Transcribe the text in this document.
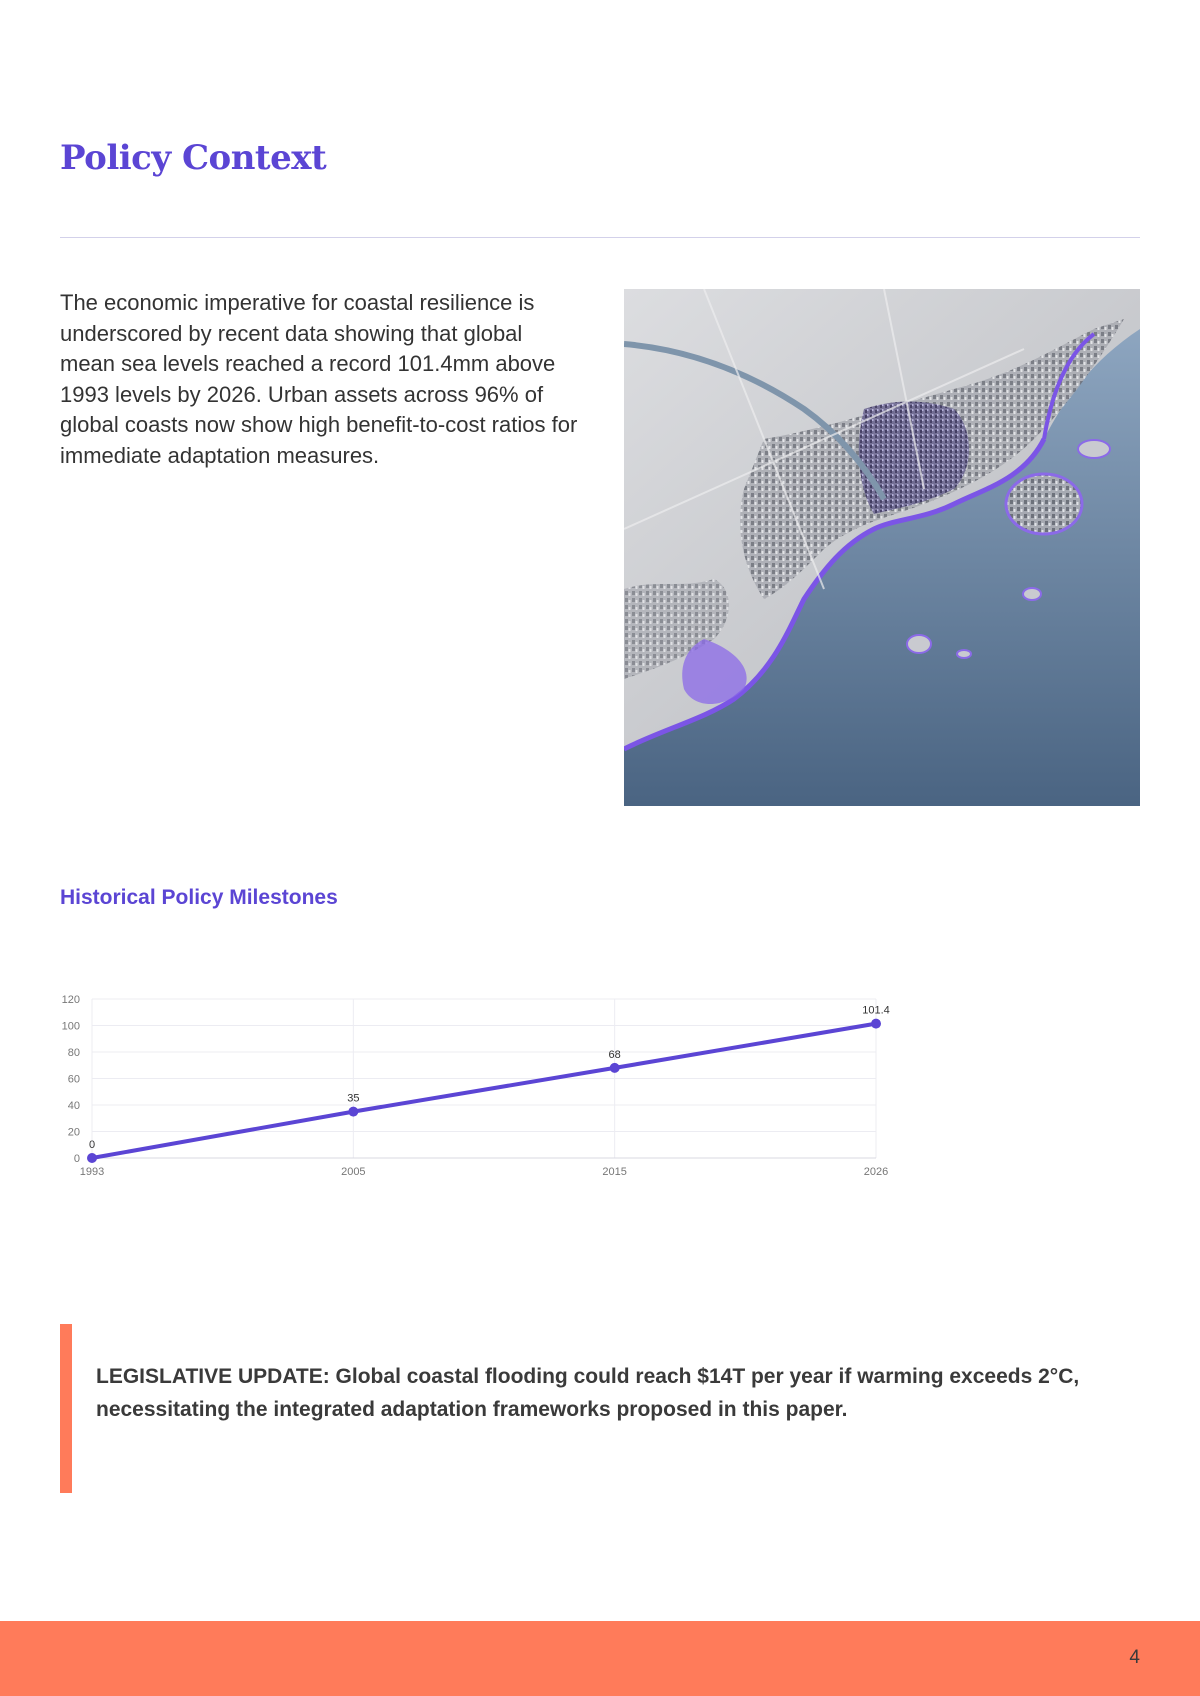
Policy Context

The economic imperative for coastal resilience is underscored by recent data showing that global mean sea levels reached a record 101.4mm above 1993 levels by 2026. Urban assets across 96% of global coasts now show high benefit-to-cost ratios for immediate adaptation measures.

Historical Policy Milestones
0
20
40
60
80
100
120
1993	2005	2015	2026
0
35
68
101.4

LEGISLATIVE UPDATE: Global coastal flooding could reach $14T per year if warming exceeds 2°C, necessitating the integrated adaptation frameworks proposed in this paper.

4
